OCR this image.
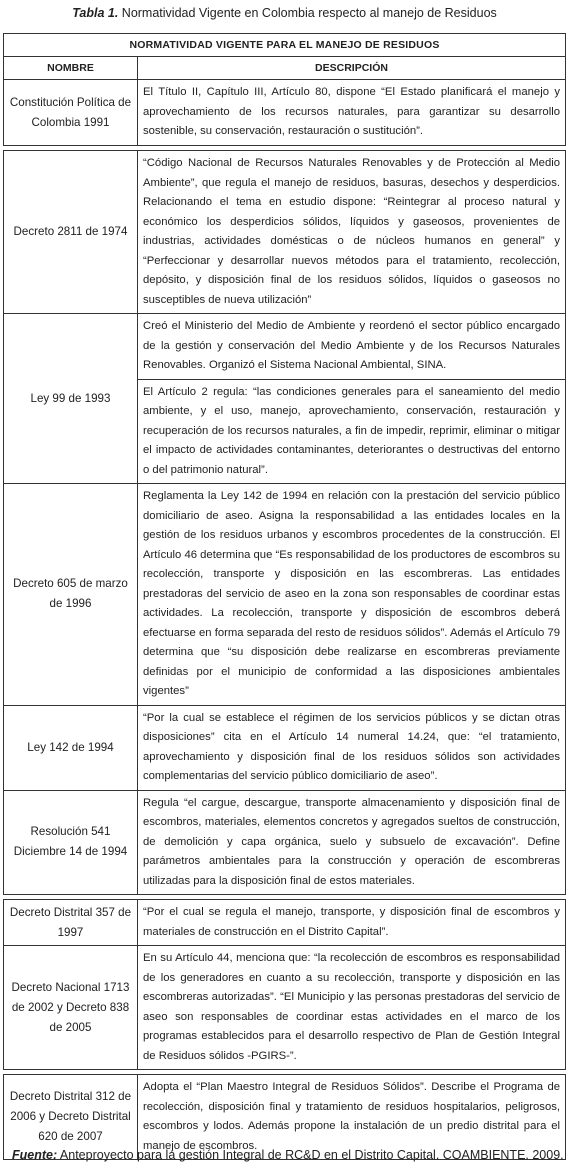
Tabla 1. Normatividad Vigente en Colombia respecto al manejo de Residuos
NORMATIVIDAD VIGENTE PARA EL MANEJO DE RESIDUOS	
NOMBRE	DESCRIPCIÓN
Constitución Política de Colombia 1991	El Título II, Capítulo III, Artículo 80, dispone “El Estado planificará el manejo y aprovechamiento de los recursos naturales, para garantizar su desarrollo sostenible, su conservación, restauración o sustitución”.

Decreto 2811 de 1974	“Código Nacional de Recursos Naturales Renovables y de Protección al Medio Ambiente”, que regula el manejo de residuos, basuras, desechos y desperdicios. Relacionando el tema en estudio dispone: “Reintegrar al proceso natural y económico los desperdicios sólidos, líquidos y gaseosos, provenientes de industrias, actividades domésticas o de núcleos humanos en general” y “Perfeccionar y desarrollar nuevos métodos para el tratamiento, recolección, depósito, y disposición final de los residuos sólidos, líquidos o gaseosos no susceptibles de nueva utilización”
Ley 99 de 1993	Creó el Ministerio del Medio de Ambiente y reordenó el sector público encargado de la gestión y conservación del Medio Ambiente y de los Recursos Naturales Renovables. Organizó el Sistema Nacional Ambiental, SINA.
	El Artículo 2 regula: “las condiciones generales para el saneamiento del medio ambiente, y el uso, manejo, aprovechamiento, conservación, restauración y recuperación de los recursos naturales, a fin de impedir, reprimir, eliminar o mitigar el impacto de actividades contaminantes, deteriorantes o destructivas del entorno o del patrimonio natural”.
Decreto 605 de marzo de 1996	Reglamenta la Ley 142 de 1994 en relación con la prestación del servicio público domiciliario de aseo. Asigna la responsabilidad a las entidades locales en la gestión de los residuos urbanos y escombros procedentes de la construcción. El Artículo 46 determina que “Es responsabilidad de los productores de escombros su recolección, transporte y disposición en las escombreras. Las entidades prestadoras del servicio de aseo en la zona son responsables de coordinar estas actividades. La recolección, transporte y disposición de escombros deberá efectuarse en forma separada del resto de residuos sólidos”. Además el Artículo 79 determina que “su disposición debe realizarse en escombreras previamente definidas por el municipio de conformidad a las disposiciones ambientales vigentes”
Ley 142 de 1994	“Por la cual se establece el régimen de los servicios públicos y se dictan otras disposiciones” cita en el Artículo 14 numeral 14.24, que: “el tratamiento, aprovechamiento y disposición final de los residuos sólidos son actividades complementarias del servicio público domiciliario de aseo”.
Resolución 541 Diciembre 14 de 1994	Regula “el cargue, descargue, transporte almacenamiento y disposición final de escombros, materiales, elementos concretos y agregados sueltos de construcción, de demolición y capa orgánica, suelo y subsuelo de excavación”. Define parámetros ambientales para la construcción y operación de escombreras utilizadas para la disposición final de estos materiales.

Decreto Distrital 357 de 1997	“Por el cual se regula el manejo, transporte, y disposición final de escombros y materiales de construcción en el Distrito Capital”.
Decreto Nacional 1713 de 2002 y Decreto 838 de 2005	En su Artículo 44, menciona que: “la recolección de escombros es responsabilidad de los generadores en cuanto a su recolección, transporte y disposición en las escombreras autorizadas”. “El Municipio y las personas prestadoras del servicio de aseo son responsables de coordinar estas actividades en el marco de los programas establecidos para el desarrollo respectivo de Plan de Gestión Integral de Residuos sólidos -PGIRS-”.

Decreto Distrital 312 de 2006 y Decreto Distrital 620 de 2007	Adopta el “Plan Maestro Integral de Residuos Sólidos”. Describe el Programa de recolección, disposición final y tratamiento de residuos hospitalarios, peligrosos, escombros y lodos. Además propone la instalación de un predio distrital para el manejo de escombros.
Fuente: Anteproyecto para la gestión Integral de RC&D en el Distrito Capital. COAMBIENTE. 2009.
